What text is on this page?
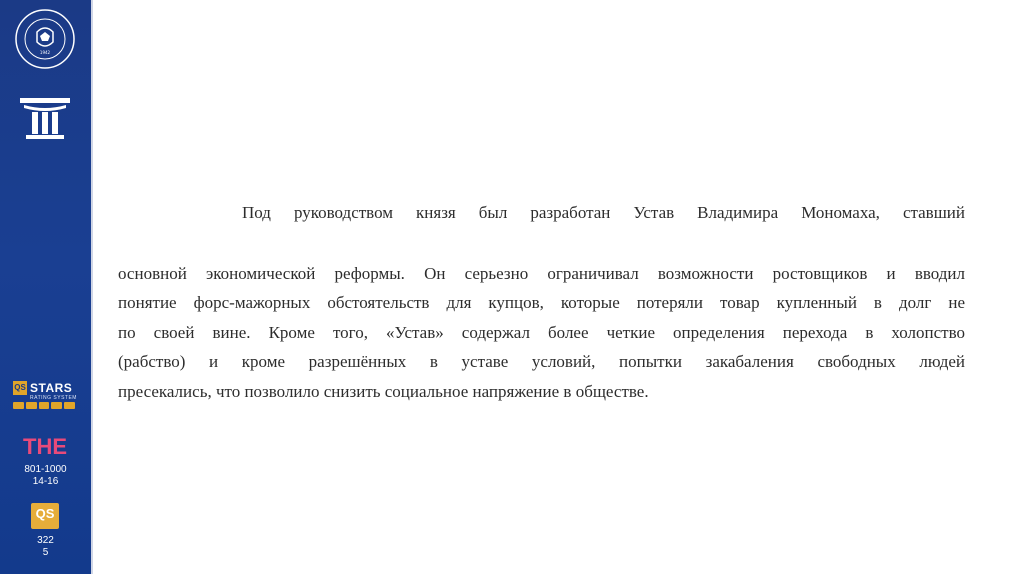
1942
QS STARS
RATING SYSTEM
THE
801-1000
14-16
QS
322
5
Под руководством князя был разработан Устав Владимира Мономаха, ставший
основной экономической реформы. Он серьезно ограничивал возможности ростовщиков и вводил
понятие форс-мажорных обстоятельств для купцов, которые потеряли товар купленный в долг не
по своей вине. Кроме того, «Устав» содержал более четкие определения перехода в холопство
(рабство) и кроме разрешённых в уставе условий, попытки закабаления свободных людей
пресекались, что позволило снизить социальное напряжение в обществе.
